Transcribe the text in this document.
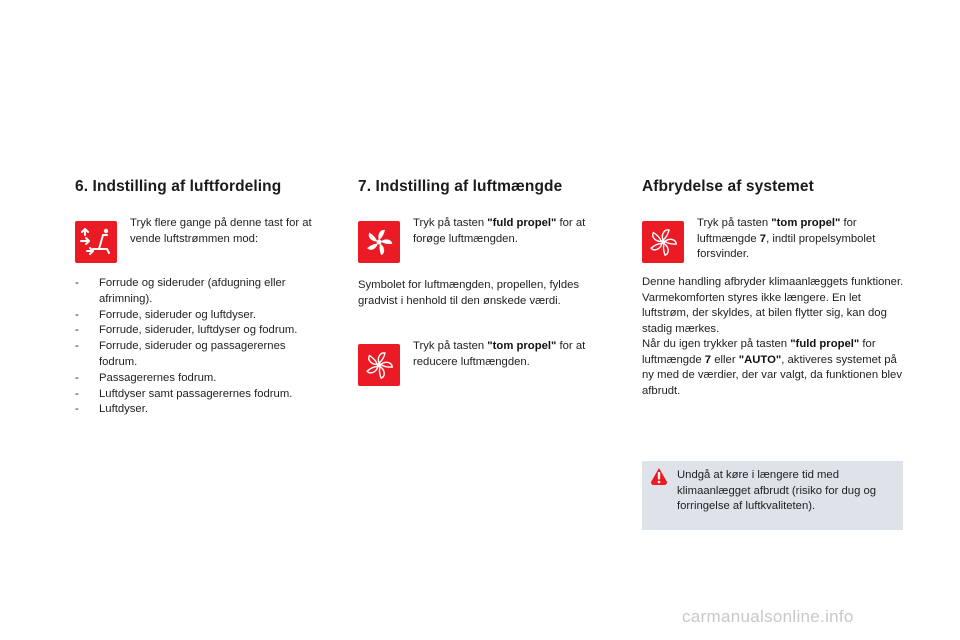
6. Indstilling af luftfordeling
Tryk flere gange på denne tast for at vende luftstrømmen mod:
- Forrude og sideruder (afdugning eller afrimning).
- Forrude, sideruder og luftdyser.
- Forrude, sideruder, luftdyser og fodrum.
- Forrude, sideruder og passagerernes fodrum.
- Passagerernes fodrum.
- Luftdyser samt passagerernes fodrum.
- Luftdyser.
7. Indstilling af luftmængde
Tryk på tasten "fuld propel" for at forøge luftmængden.
Symbolet for luftmængden, propellen, fyldes gradvist i henhold til den ønskede værdi.
Tryk på tasten "tom propel" for at reducere luftmængden.
Afbrydelse af systemet
Tryk på tasten "tom propel" for luftmængde 7, indtil propelsymbolet forsvinder.
Denne handling afbryder klimaanlæggets funktioner.
Varmekomforten styres ikke længere. En let luftstrøm, der skyldes, at bilen flytter sig, kan dog stadig mærkes.
Når du igen trykker på tasten "fuld propel" for luftmængde 7 eller "AUTO", aktiveres systemet på ny med de værdier, der var valgt, da funktionen blev afbrudt.
Undgå at køre i længere tid med klimaanlægget afbrudt (risiko for dug og forringelse af luftkvaliteten).
carmanualsonline.info
